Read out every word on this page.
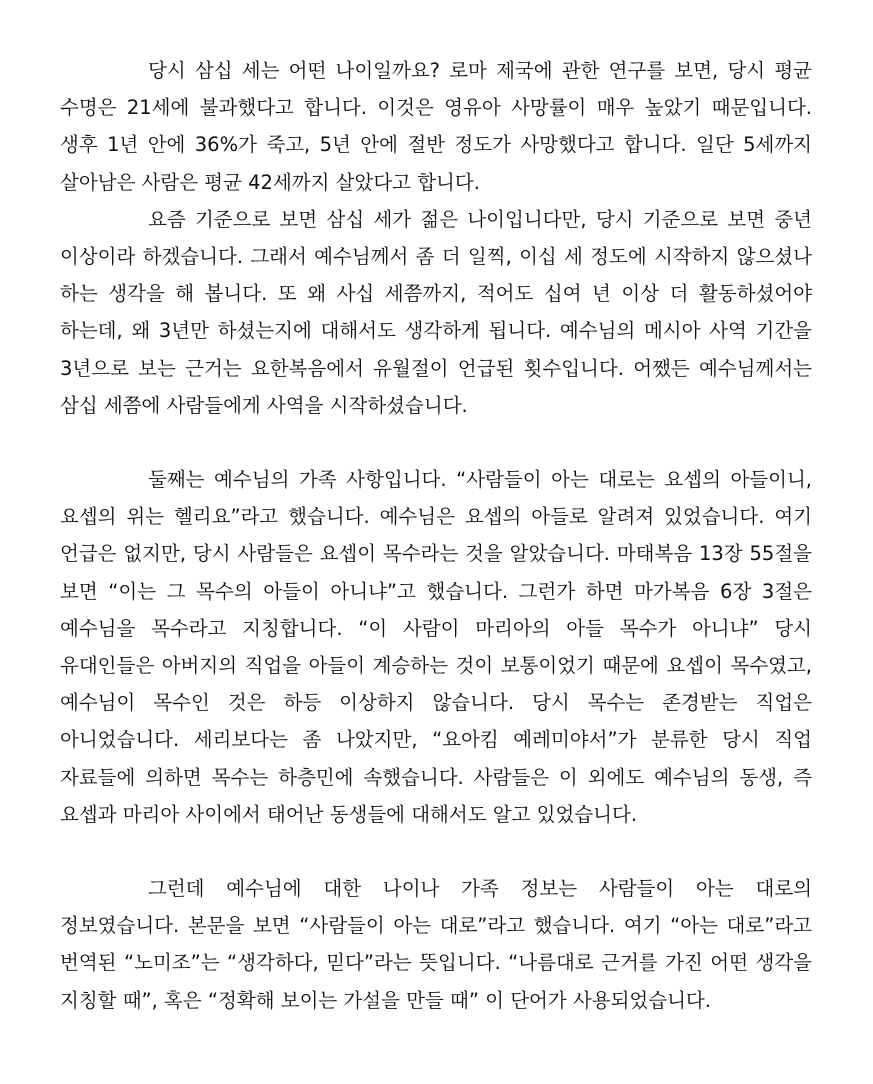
당시 삼십 세는 어떤 나이일까요? 로마 제국에 관한 연구를 보면, 당시 평균 수명은 21세에 불과했다고 합니다. 이것은 영유아 사망률이 매우 높았기 때문입니다. 생후 1년 안에 36%가 죽고, 5년 안에 절반 정도가 사망했다고 합니다. 일단 5세까지 살아남은 사람은 평균 42세까지 살았다고 합니다.

요즘 기준으로 보면 삼십 세가 젊은 나이입니다만, 당시 기준으로 보면 중년 이상이라 하겠습니다. 그래서 예수님께서 좀 더 일찍, 이십 세 정도에 시작하지 않으셨나 하는 생각을 해 봅니다. 또 왜 사십 세쯤까지, 적어도 십여 년 이상 더 활동하셨어야 하는데, 왜 3년만 하셨는지에 대해서도 생각하게 됩니다. 예수님의 메시아 사역 기간을 3년으로 보는 근거는 요한복음에서 유월절이 언급된 횟수입니다. 어쨌든 예수님께서는 삼십 세쯤에 사람들에게 사역을 시작하셨습니다.

둘째는 예수님의 가족 사항입니다. “사람들이 아는 대로는 요셉의 아들이니, 요셉의 위는 헬리요”라고 했습니다. 예수님은 요셉의 아들로 알려져 있었습니다. 여기 언급은 없지만, 당시 사람들은 요셉이 목수라는 것을 알았습니다. 마태복음 13장 55절을 보면 “이는 그 목수의 아들이 아니냐”고 했습니다. 그런가 하면 마가복음 6장 3절은 예수님을 목수라고 지칭합니다. “이 사람이 마리아의 아들 목수가 아니냐” 당시 유대인들은 아버지의 직업을 아들이 계승하는 것이 보통이었기 때문에 요셉이 목수였고, 예수님이 목수인 것은 하등 이상하지 않습니다. 당시 목수는 존경받는 직업은 아니었습니다. 세리보다는 좀 나았지만, “요아킴 예레미야서”가 분류한 당시 직업 자료들에 의하면 목수는 하층민에 속했습니다. 사람들은 이 외에도 예수님의 동생, 즉 요셉과 마리아 사이에서 태어난 동생들에 대해서도 알고 있었습니다.

그런데 예수님에 대한 나이나 가족 정보는 사람들이 아는 대로의 정보였습니다. 본문을 보면 “사람들이 아는 대로”라고 했습니다. 여기 “아는 대로”라고 번역된 “노미조”는 “생각하다, 믿다”라는 뜻입니다. “나름대로 근거를 가진 어떤 생각을 지칭할 때”, 혹은 “정확해 보이는 가설을 만들 때” 이 단어가 사용되었습니다.
